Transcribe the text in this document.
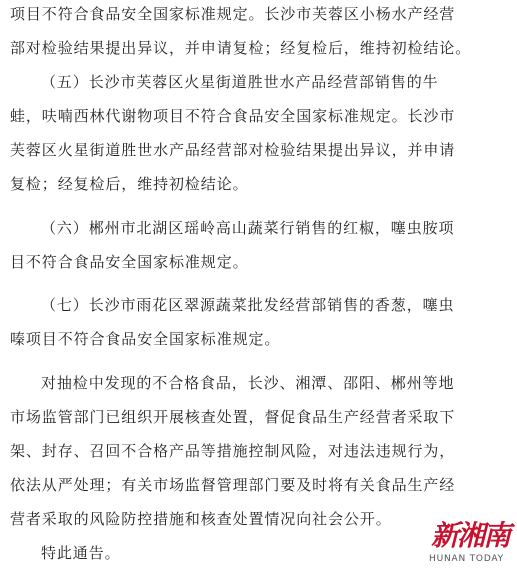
项目不符合食品安全国家标准规定。长沙市芙蓉区小杨水产经营
部对检验结果提出异议，并申请复检；经复检后，维持初检结论。
（五）长沙市芙蓉区火星街道胜世水产品经营部销售的牛
蛙，呋喃西林代谢物项目不符合食品安全国家标准规定。长沙市
芙蓉区火星街道胜世水产品经营部对检验结果提出异议，并申请
复检；经复检后，维持初检结论。
（六）郴州市北湖区瑶岭高山蔬菜行销售的红椒，噻虫胺项
目不符合食品安全国家标准规定。
（七）长沙市雨花区翠源蔬菜批发经营部销售的香葱，噻虫
嗪项目不符合食品安全国家标准规定。
对抽检中发现的不合格食品，长沙、湘潭、邵阳、郴州等地
市场监管部门已组织开展核查处置，督促食品生产经营者采取下
架、封存、召回不合格产品等措施控制风险，对违法违规行为，
依法从严处理；有关市场监督管理部门要及时将有关食品生产经
营者采取的风险防控措施和核查处置情况向社会公开。
特此通告。
新湘南
HUNAN TODAY
